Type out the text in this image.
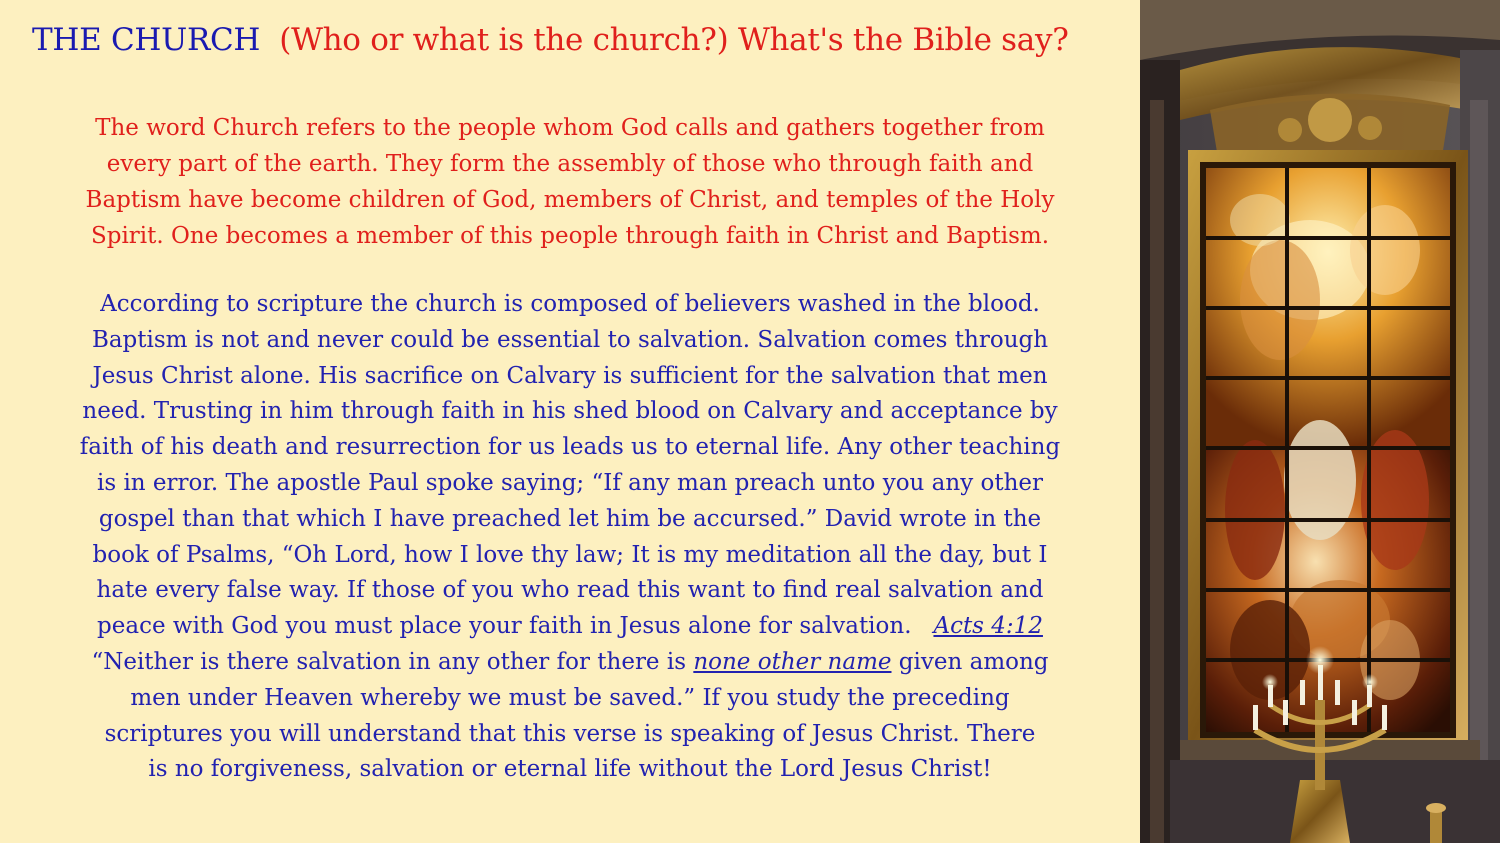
THE CHURCH (Who or what is the church?) What's the Bible say?
The word Church refers to the people whom God calls and gathers together from
every part of the earth. They form the assembly of those who through faith and
Baptism have become children of God, members of Christ, and temples of the Holy
Spirit. One becomes a member of this people through faith in Christ and Baptism.
According to scripture the church is composed of believers washed in the blood.
Baptism is not and never could be essential to salvation. Salvation comes through
Jesus Christ alone. His sacrifice on Calvary is sufficient for the salvation that men
need. Trusting in him through faith in his shed blood on Calvary and acceptance by
faith of his death and resurrection for us leads us to eternal life. Any other teaching
is in error. The apostle Paul spoke saying; “If any man preach unto you any other
gospel than that which I have preached let him be accursed.” David wrote in the
book of Psalms, “Oh Lord, how I love thy law; It is my meditation all the day, but I
hate every false way. If those of you who read this want to find real salvation and
peace with God you must place your faith in Jesus alone for salvation.   Acts 4:12
“Neither is there salvation in any other for there is none other name given among
men under Heaven whereby we must be saved.” If you study the preceding
scriptures you will understand that this verse is speaking of Jesus Christ. There
is no forgiveness, salvation or eternal life without the Lord Jesus Christ!
